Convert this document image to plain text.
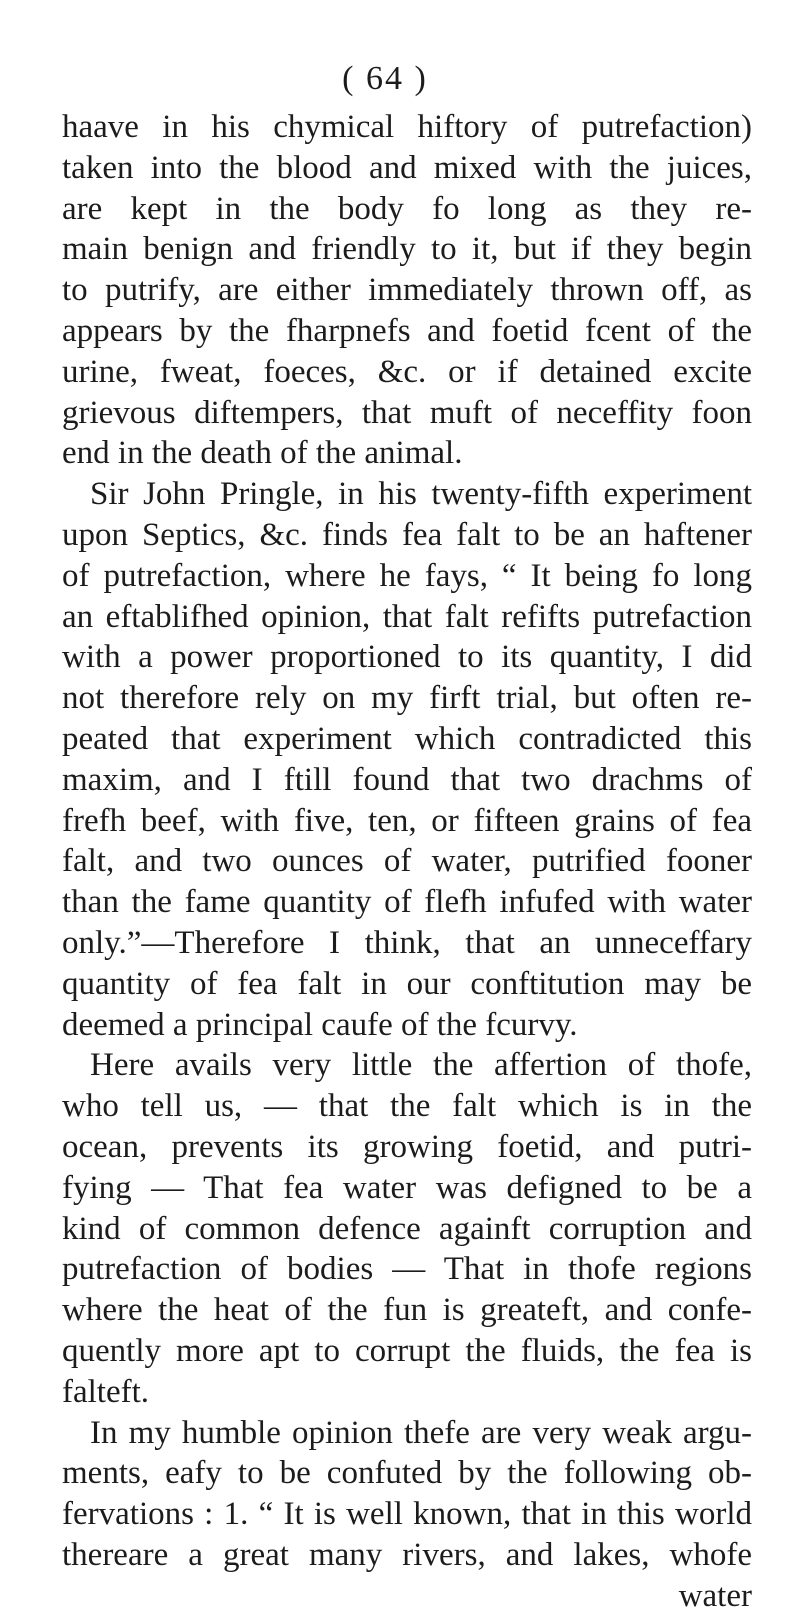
( 64 )
haave in his chymical hiftory of putrefaction)
taken into the blood and mixed with the juices,
are kept in the body fo long as they re-
main benign and friendly to it, but if they begin
to putrify, are either immediately thrown off, as
appears by the fharpnefs and foetid fcent of the
urine, fweat, foeces, &c. or if detained excite
grievous diftempers, that muft of neceffity foon
end in the death of the animal.
Sir John Pringle, in his twenty-fifth experiment
upon Septics, &c. finds fea falt to be an haftener
of putrefaction, where he fays, “ It being fo long
an eftablifhed opinion, that falt refifts putrefaction
with a power proportioned to its quantity, I did
not therefore rely on my firft trial, but often re-
peated that experiment which contradicted this
maxim, and I ftill found that two drachms of
frefh beef, with five, ten, or fifteen grains of fea
falt, and two ounces of water, putrified fooner
than the fame quantity of flefh infufed with water
only.”—Therefore I think, that an unneceffary
quantity of fea falt in our conftitution may be
deemed a principal caufe of the fcurvy.
Here avails very little the affertion of thofe,
who tell us, — that the falt which is in the
ocean, prevents its growing foetid, and putri-
fying — That fea water was defigned to be a
kind of common defence againft corruption and
putrefaction of bodies — That in thofe regions
where the heat of the fun is greateft, and confe-
quently more apt to corrupt the fluids, the fea is
falteft.
In my humble opinion thefe are very weak argu-
ments, eafy to be confuted by the following ob-
fervations : 1. “ It is well known, that in this world
thereare a great many rivers, and lakes, whofe
water
